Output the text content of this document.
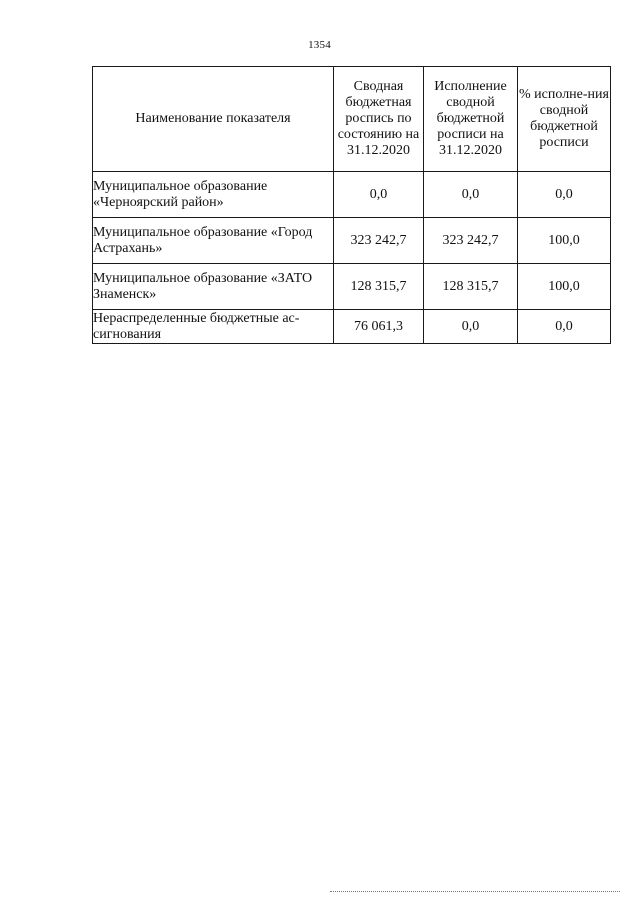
1354
Наименование показателя	Сводная бюджетная роспись по состоянию на 31.12.2020	Исполнение сводной бюджетной росписи на 31.12.2020	% исполне-ния сводной бюджетной росписи
Муниципальное образование «Черноярский район»	0,0	0,0	0,0
Муниципальное образование «Город Астрахань»	323 242,7	323 242,7	100,0
Муниципальное образование «ЗАТО Знаменск»	128 315,7	128 315,7	100,0
Нераспределенные бюджетные ас-сигнования	76 061,3	0,0	0,0
